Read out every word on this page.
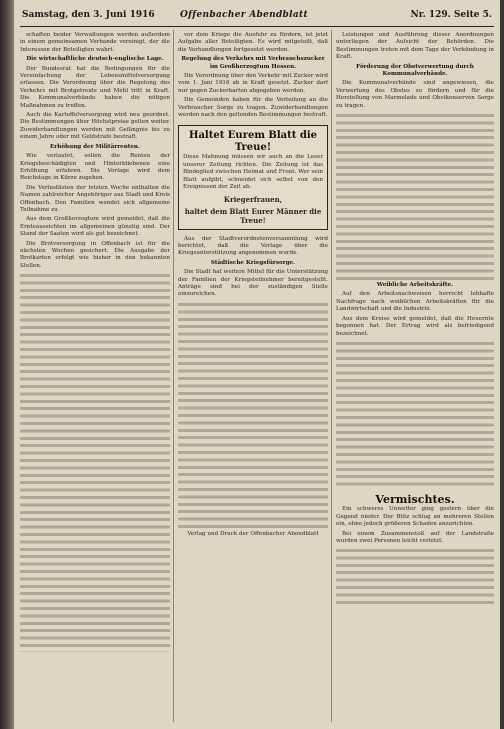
Samstag, den 3. Juni 1916	Offenbacher Abendblatt	Nr. 129. Seite 5.

schaften beider Verwaltungen werden außerdem in einem gemeinsamen Verbande vereinigt, der die Interessen der Beteiligten wahrt.

Die wirtschaftliche deutsch-englische Lage.

Der Bundesrat hat die Bedingungen für die Vereinfachung der Lebensmittelversorgung erlassen. Die Verordnung über die Regelung des Verkehrs mit Brotgetreide und Mehl tritt in Kraft. Die Kommunalverbände haben die nötigen Maßnahmen zu treffen.

Auch die Kartoffelversorgung wird neu geordnet. Die Bestimmungen über Höchstpreise gelten weiter. Zuwiderhandlungen werden mit Gefängnis bis zu einem Jahre oder mit Geldstrafe bestraft.

Erhöhung der Militärrenten.

Wie verlautet, sollen die Renten der Kriegsbeschädigten und Hinterbliebenen eine Erhöhung erfahren. Die Vorlage wird dem Reichstage in Kürze zugehen.

Die Verlustlisten der letzten Woche enthalten die Namen zahlreicher Angehöriger aus Stadt und Kreis Offenbach. Den Familien wendet sich allgemeine Teilnahme zu.

Aus dem Großherzogtum wird gemeldet, daß die Ernteaussichten im allgemeinen günstig sind. Der Stand der Saaten wird als gut bezeichnet.

Die Brotversorgung in Offenbach ist für die nächsten Wochen gesichert. Die Ausgabe der Brotkarten erfolgt wie bisher in den bekannten Stellen.

vor dem Kriege die Ausfuhr zu fördern, ist jetzt Aufgabe aller Beteiligten. Es wird mitgeteilt, daß die Verhandlungen fortgesetzt werden.

Regelung des Verkehrs mit Verbrauchszucker im Großherzogtum Hessen.

Die Verordnung über den Verkehr mit Zucker wird vom 1. Juni 1916 ab in Kraft gesetzt. Zucker darf nur gegen Zuckerkarten abgegeben werden.

Die Gemeinden haben für die Verteilung an die Verbraucher Sorge zu tragen. Zuwiderhandlungen werden nach den geltenden Bestimmungen bestraft.

Haltet Eurem Blatt die Treue!
Diese Mahnung müssen wir auch an die Leser unserer Zeitung richten. Die Zeitung ist das Bindeglied zwischen Heimat und Front. Wer sein Blatt aufgibt, schneidet sich selbst von den Ereignissen der Zeit ab.
Kriegerfrauen,
haltet dem Blatt Eurer Männer die Treue!

Aus der Stadtverordnetenversammlung wird berichtet, daß die Vorlage über die Kriegsunterstützung angenommen wurde.

Städtische Kriegsfürsorge.

Die Stadt hat weitere Mittel für die Unterstützung der Familien der Kriegsteilnehmer bereitgestellt. Anträge sind bei der zuständigen Stelle einzureichen.

Verlag und Druck der Offenbacher Abendblatt

Leistungen und Ausführung dieser Anordnungen unterliegen der Aufsicht der Behörden. Die Bestimmungen treten mit dem Tage der Verkündung in Kraft.

Förderung der Obstverwertung durch Kommunalverbände.

Die Kommunalverbände sind angewiesen, die Verwertung des Obstes zu fördern und für die Herstellung von Marmelade und Obstkonserven Sorge zu tragen.

Weibliche Arbeitskräfte.

Auf den Arbeitsnachweisen herrscht lebhafte Nachfrage nach weiblichen Arbeitskräften für die Landwirtschaft und die Industrie.

Aus dem Kreise wird gemeldet, daß die Heuernte begonnen hat. Der Ertrag wird als befriedigend bezeichnet.

Vermischtes.

Ein schweres Unwetter ging gestern über die Gegend nieder. Der Blitz schlug an mehreren Stellen ein, ohne jedoch größeren Schaden anzurichten.

Bei einem Zusammenstoß auf der Landstraße wurden zwei Personen leicht verletzt.
